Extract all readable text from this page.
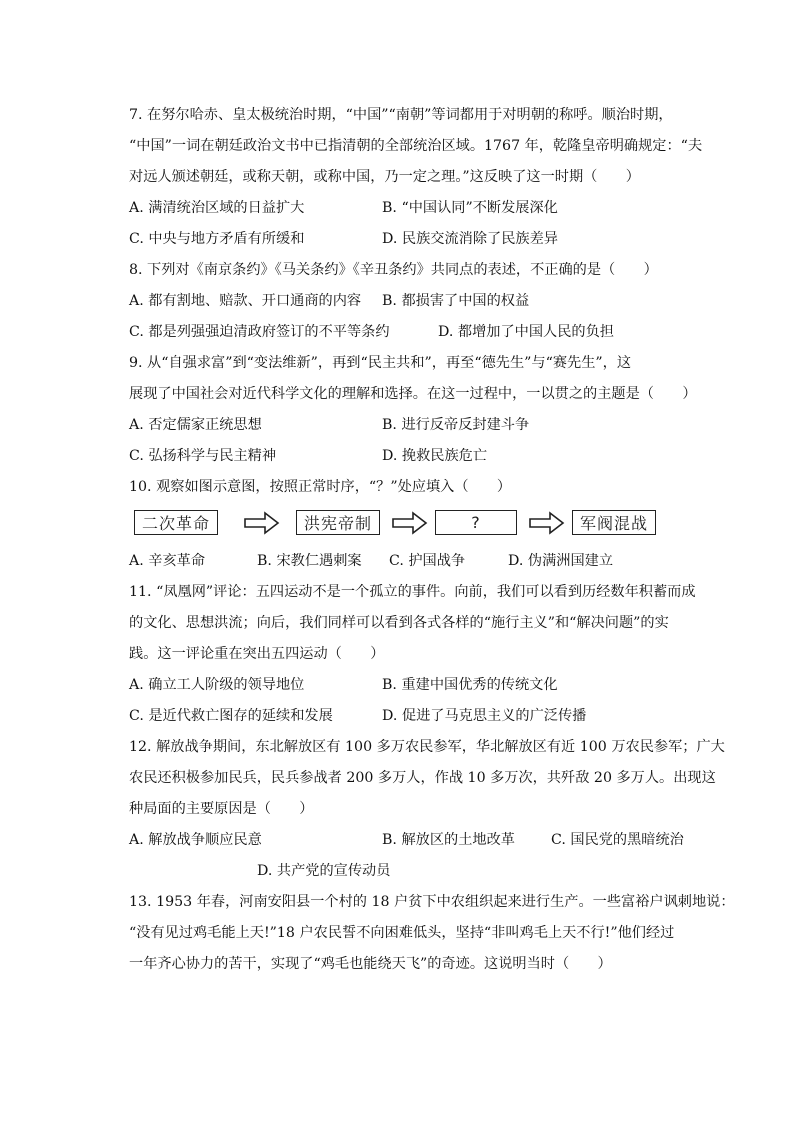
7. 在努尔哈赤、皇太极统治时期，“中国”“南朝”等词都用于对明朝的称呼。顺治时期，
“中国”一词在朝廷政治文书中已指清朝的全部统治区域。1767 年，乾隆皇帝明确规定：“夫
对远人颁述朝廷，或称天朝，或称中国，乃一定之理。”这反映了这一时期（　　）
A. 满清统治区域的日益扩大	B. “中国认同”不断发展深化
C. 中央与地方矛盾有所缓和	D. 民族交流消除了民族差异
8. 下列对《南京条约》《马关条约》《辛丑条约》共同点的表述，不正确的是（　　）
A. 都有割地、赔款、开口通商的内容 B. 都损害了中国的权益
C. 都是列强强迫清政府签订的不平等条约	D. 都增加了中国人民的负担
9. 从“自强求富”到“变法维新”，再到“民主共和”，再至“德先生”与“赛先生”，这
展现了中国社会对近代科学文化的理解和选择。在这一过程中，一以贯之的主题是（　　）
A. 否定儒家正统思想	B. 进行反帝反封建斗争
C. 弘扬科学与民主精神	D. 挽救民族危亡
10. 观察如图示意图，按照正常时序，“？”处应填入（　　）
二次革命	洪宪帝制	?	军阀混战
A. 辛亥革命	B. 宋教仁遇刺案 C. 护国战争	D. 伪满洲国建立
11. “凤凰网”评论：五四运动不是一个孤立的事件。向前，我们可以看到历经数年积蓄而成
的文化、思想洪流；向后，我们同样可以看到各式各样的“施行主义”和“解决问题”的实
践。这一评论重在突出五四运动（　　）
A. 确立工人阶级的领导地位	B. 重建中国优秀的传统文化
C. 是近代救亡图存的延续和发展	D. 促进了马克思主义的广泛传播
12. 解放战争期间，东北解放区有 100 多万农民参军，华北解放区有近 100 万农民参军；广大
农民还积极参加民兵，民兵参战者 200 多万人，作战 10 多万次，共歼敌 20 多万人。出现这
种局面的主要原因是（　　）
A. 解放战争顺应民意	B. 解放区的土地改革	C. 国民党的黑暗统治
D. 共产党的宣传动员
13. 1953 年春，河南安阳县一个村的 18 户贫下中农组织起来进行生产。一些富裕户讽刺地说：
“没有见过鸡毛能上天!”18 户农民誓不向困难低头，坚持“非叫鸡毛上天不行!”他们经过
一年齐心协力的苦干，实现了“鸡毛也能绕天飞”的奇迹。这说明当时（　　）
